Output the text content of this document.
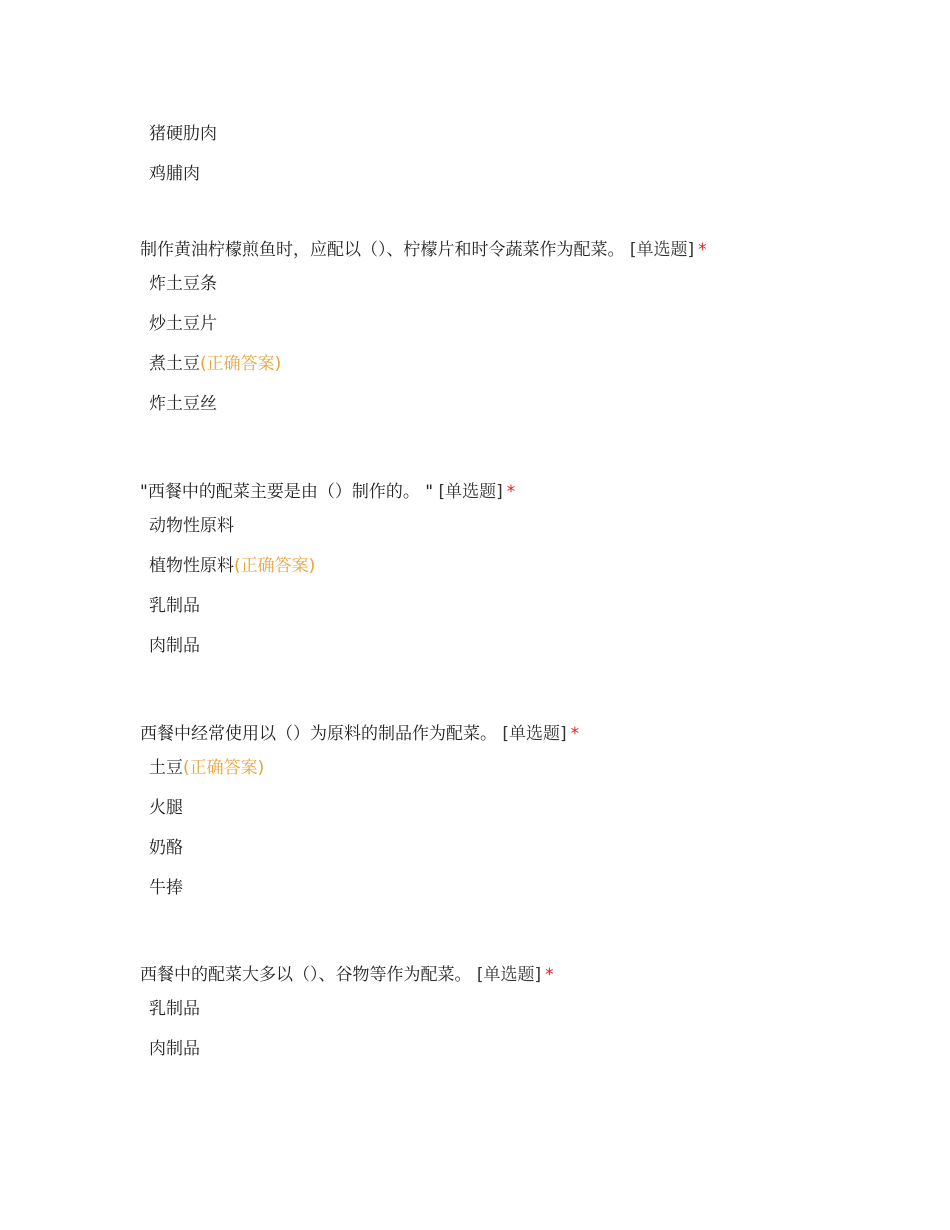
猪硬肋肉
鸡脯肉
制作黄油柠檬煎鱼时，应配以（）、柠檬片和时令蔬菜作为配菜。 [单选题] *
炸土豆条
炒土豆片
煮土豆(正确答案)
炸土豆丝
"西餐中的配菜主要是由（）制作的。 " [单选题] *
动物性原料
植物性原料(正确答案)
乳制品
肉制品
西餐中经常使用以（）为原料的制品作为配菜。 [单选题] *
土豆(正确答案)
火腿
奶酪
牛捧
西餐中的配菜大多以（）、谷物等作为配菜。 [单选题] *
乳制品
肉制品
